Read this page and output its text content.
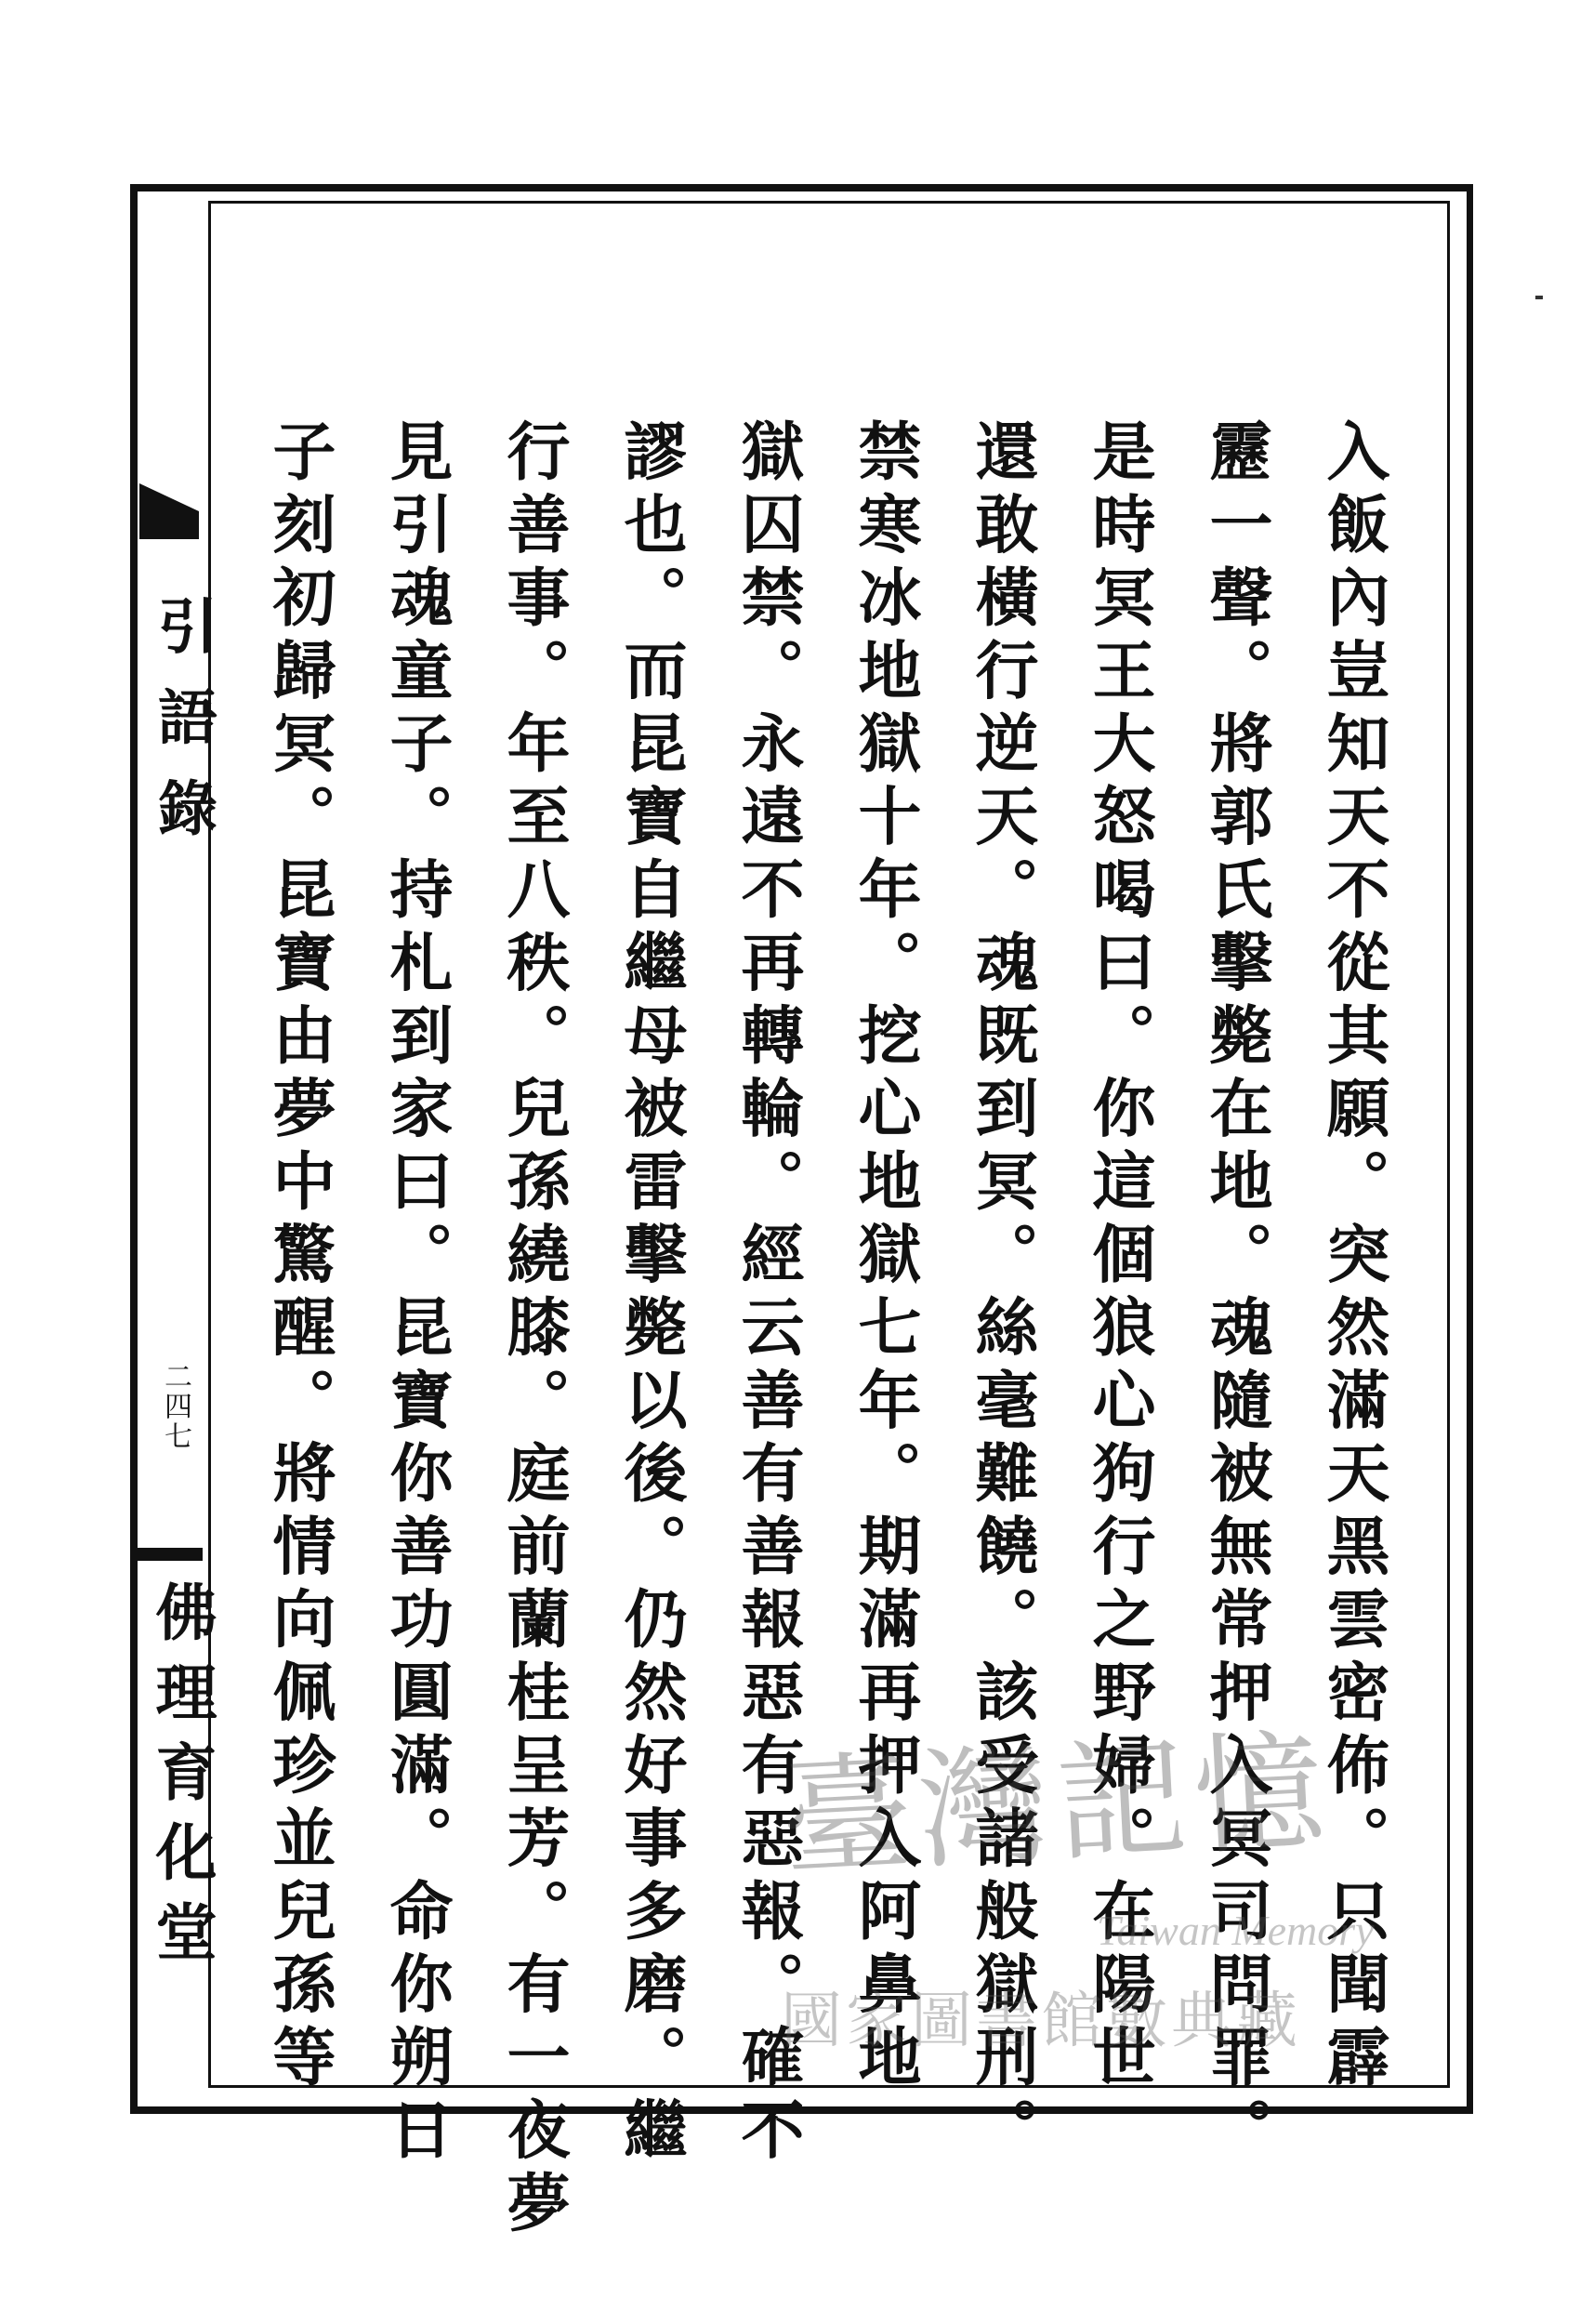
引語錄
二四七
佛理育化堂	入飯內豈知天不從其願。突然滿天黑雲密佈。只聞霹
靂一聲。將郭氏擊斃在地。魂隨被無常押入冥司問罪。
是時冥王大怒喝曰。你這個狼心狗行之野婦。在陽世
還敢橫行逆天。魂既到冥。絲毫難饒。該受諸般獄刑。
禁寒冰地獄十年。挖心地獄七年。期滿再押入阿鼻地
獄囚禁。永遠不再轉輪。經云善有善報惡有惡報。確不
謬也。而昆寶自繼母被雷擊斃以後。仍然好事多磨。繼
行善事。年至八秩。兒孫繞膝。庭前蘭桂呈芳。有一夜夢
見引魂童子。持札到家曰。昆寶你善功圓滿。命你朔日
子刻初歸冥。昆寶由夢中驚醒。將情向佩珍並兒孫等	臺灣記憶
Taiwan Memory
國家圖書館數典藏
